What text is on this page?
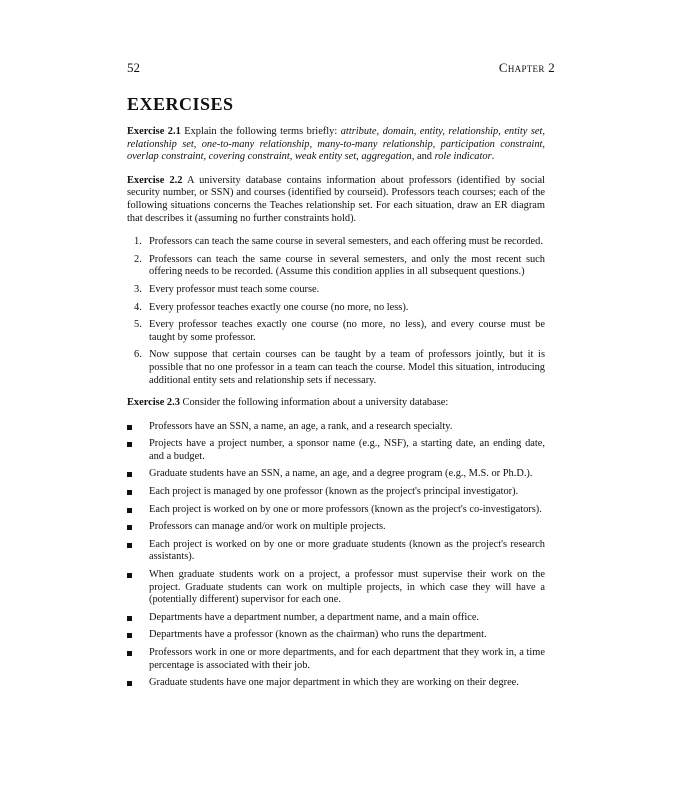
52	Chapter 2
EXERCISES

Exercise 2.1 Explain the following terms briefly: attribute, domain, entity, relationship, entity set, relationship set, one-to-many relationship, many-to-many relationship, participation constraint, overlap constraint, covering constraint, weak entity set, aggregation, and role indicator.

Exercise 2.2 A university database contains information about professors (identified by social security number, or SSN) and courses (identified by courseid). Professors teach courses; each of the following situations concerns the Teaches relationship set. For each situation, draw an ER diagram that describes it (assuming no further constraints hold).

1. Professors can teach the same course in several semesters, and each offering must be recorded.
2. Professors can teach the same course in several semesters, and only the most recent such offering needs to be recorded. (Assume this condition applies in all subsequent questions.)
3. Every professor must teach some course.
4. Every professor teaches exactly one course (no more, no less).
5. Every professor teaches exactly one course (no more, no less), and every course must be taught by some professor.
6. Now suppose that certain courses can be taught by a team of professors jointly, but it is possible that no one professor in a team can teach the course. Model this situation, introducing additional entity sets and relationship sets if necessary.

Exercise 2.3 Consider the following information about a university database:

Professors have an SSN, a name, an age, a rank, and a research specialty.
Projects have a project number, a sponsor name (e.g., NSF), a starting date, an ending date, and a budget.
Graduate students have an SSN, a name, an age, and a degree program (e.g., M.S. or Ph.D.).
Each project is managed by one professor (known as the project's principal investigator).
Each project is worked on by one or more professors (known as the project's co-investigators).
Professors can manage and/or work on multiple projects.
Each project is worked on by one or more graduate students (known as the project's research assistants).
When graduate students work on a project, a professor must supervise their work on the project. Graduate students can work on multiple projects, in which case they will have a (potentially different) supervisor for each one.
Departments have a department number, a department name, and a main office.
Departments have a professor (known as the chairman) who runs the department.
Professors work in one or more departments, and for each department that they work in, a time percentage is associated with their job.
Graduate students have one major department in which they are working on their degree.
